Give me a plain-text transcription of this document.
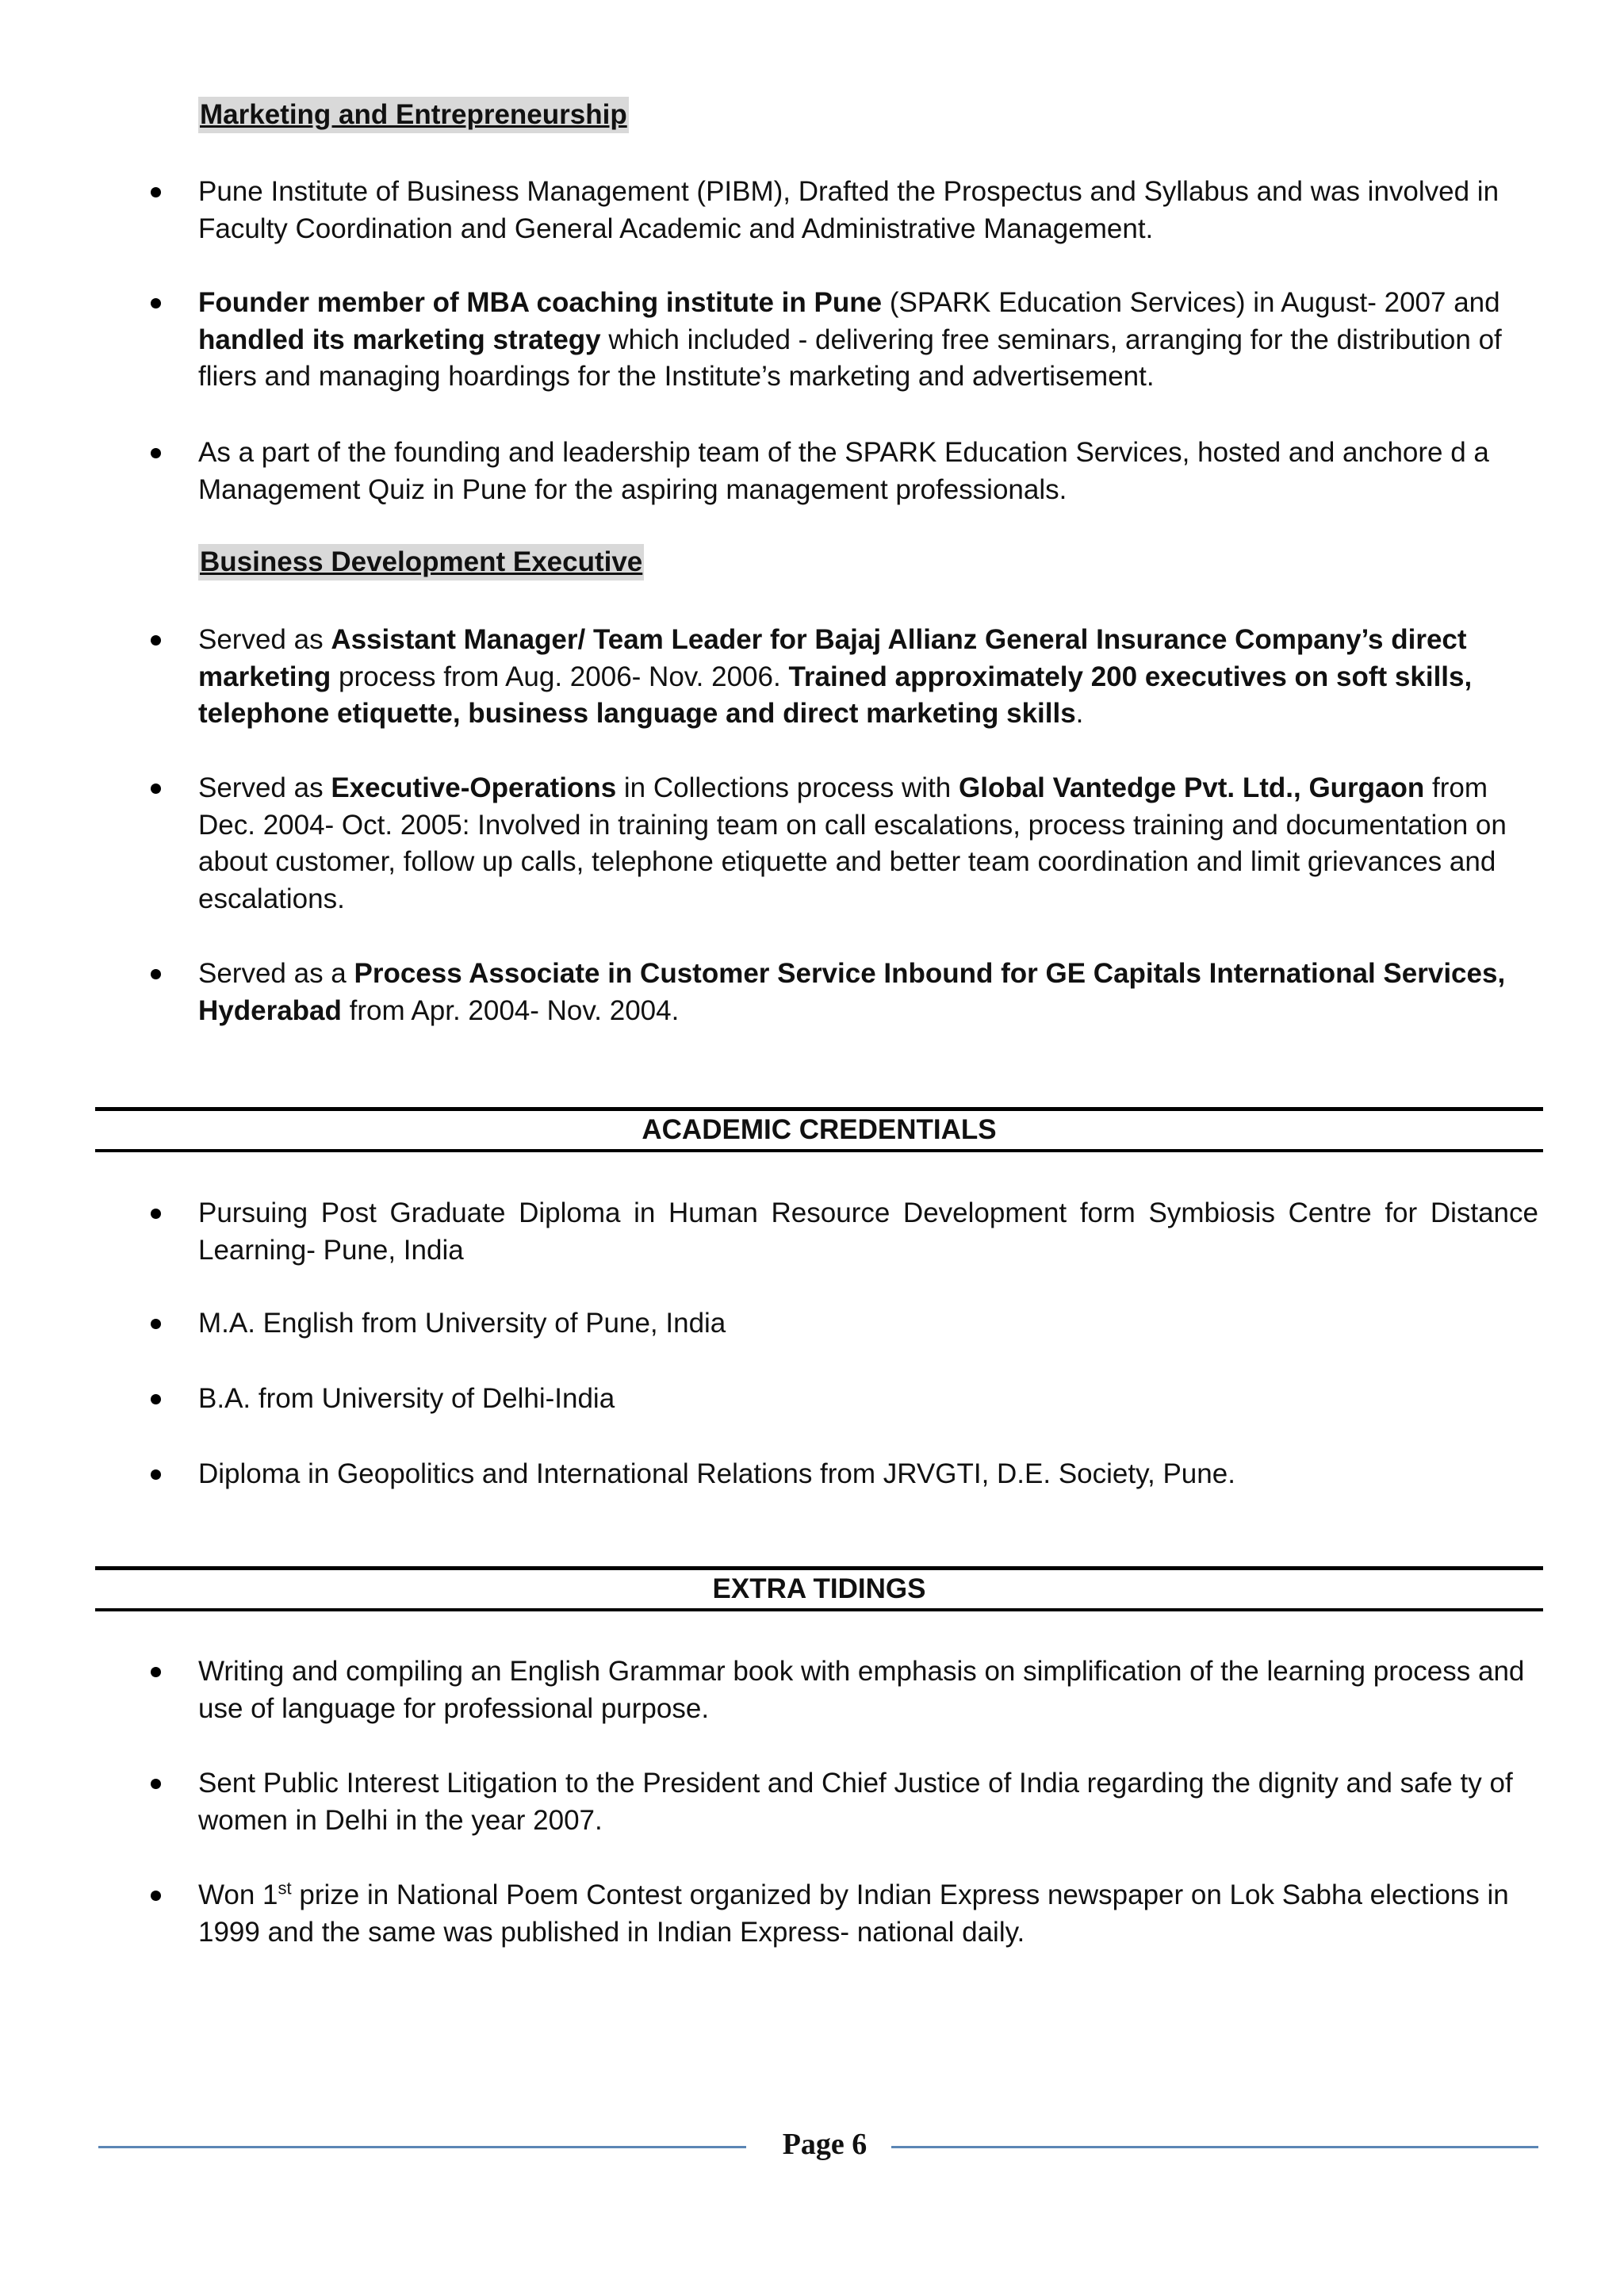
Marketing and Entrepreneurship
Pune Institute of Business Management (PIBM), Drafted the Prospectus and Syllabus and was involved in Faculty Coordination and General Academic and Administrative Management.
Founder member of MBA coaching institute in Pune (SPARK Education Services) in August- 2007 and handled its marketing strategy which included - delivering free seminars, arranging for the distribution of fliers and managing hoardings for the Institute’s marketing and advertisement.
As a part of the founding and leadership team of the SPARK Education Services, hosted and anchore d a Management Quiz in Pune for the aspiring management professionals.
Business Development Executive
Served as Assistant Manager/ Team Leader for Bajaj Allianz General Insurance Company’s direct marketing process from Aug. 2006- Nov. 2006. Trained approximately 200 executives on soft skills, telephone etiquette, business language and direct marketing skills.
Served as Executive-Operations in Collections process with Global Vantedge Pvt. Ltd., Gurgaon from Dec. 2004- Oct. 2005: Involved in training team on call escalations, process training and documentation on about customer, follow up calls, telephone etiquette and better team coordination and limit grievances and escalations.
Served as a Process Associate in Customer Service Inbound for GE Capitals International Services, Hyderabad from Apr. 2004- Nov. 2004.
ACADEMIC CREDENTIALS
Pursuing Post Graduate Diploma in Human Resource Development form Symbiosis Centre for Distance Learning- Pune, India
M.A. English from University of Pune, India
B.A. from University of Delhi-India
Diploma in Geopolitics and International Relations from JRVGTI, D.E. Society, Pune.
EXTRA TIDINGS
Writing and compiling an English Grammar book with emphasis on simplification of the learning process and use of language for professional purpose.
Sent Public Interest Litigation to the President and Chief Justice of India regarding the dignity and safe ty of women in Delhi in the year 2007.
Won 1st prize in National Poem Contest organized by Indian Express newspaper on Lok Sabha elections in 1999 and the same was published in Indian Express- national daily.
Page 6
